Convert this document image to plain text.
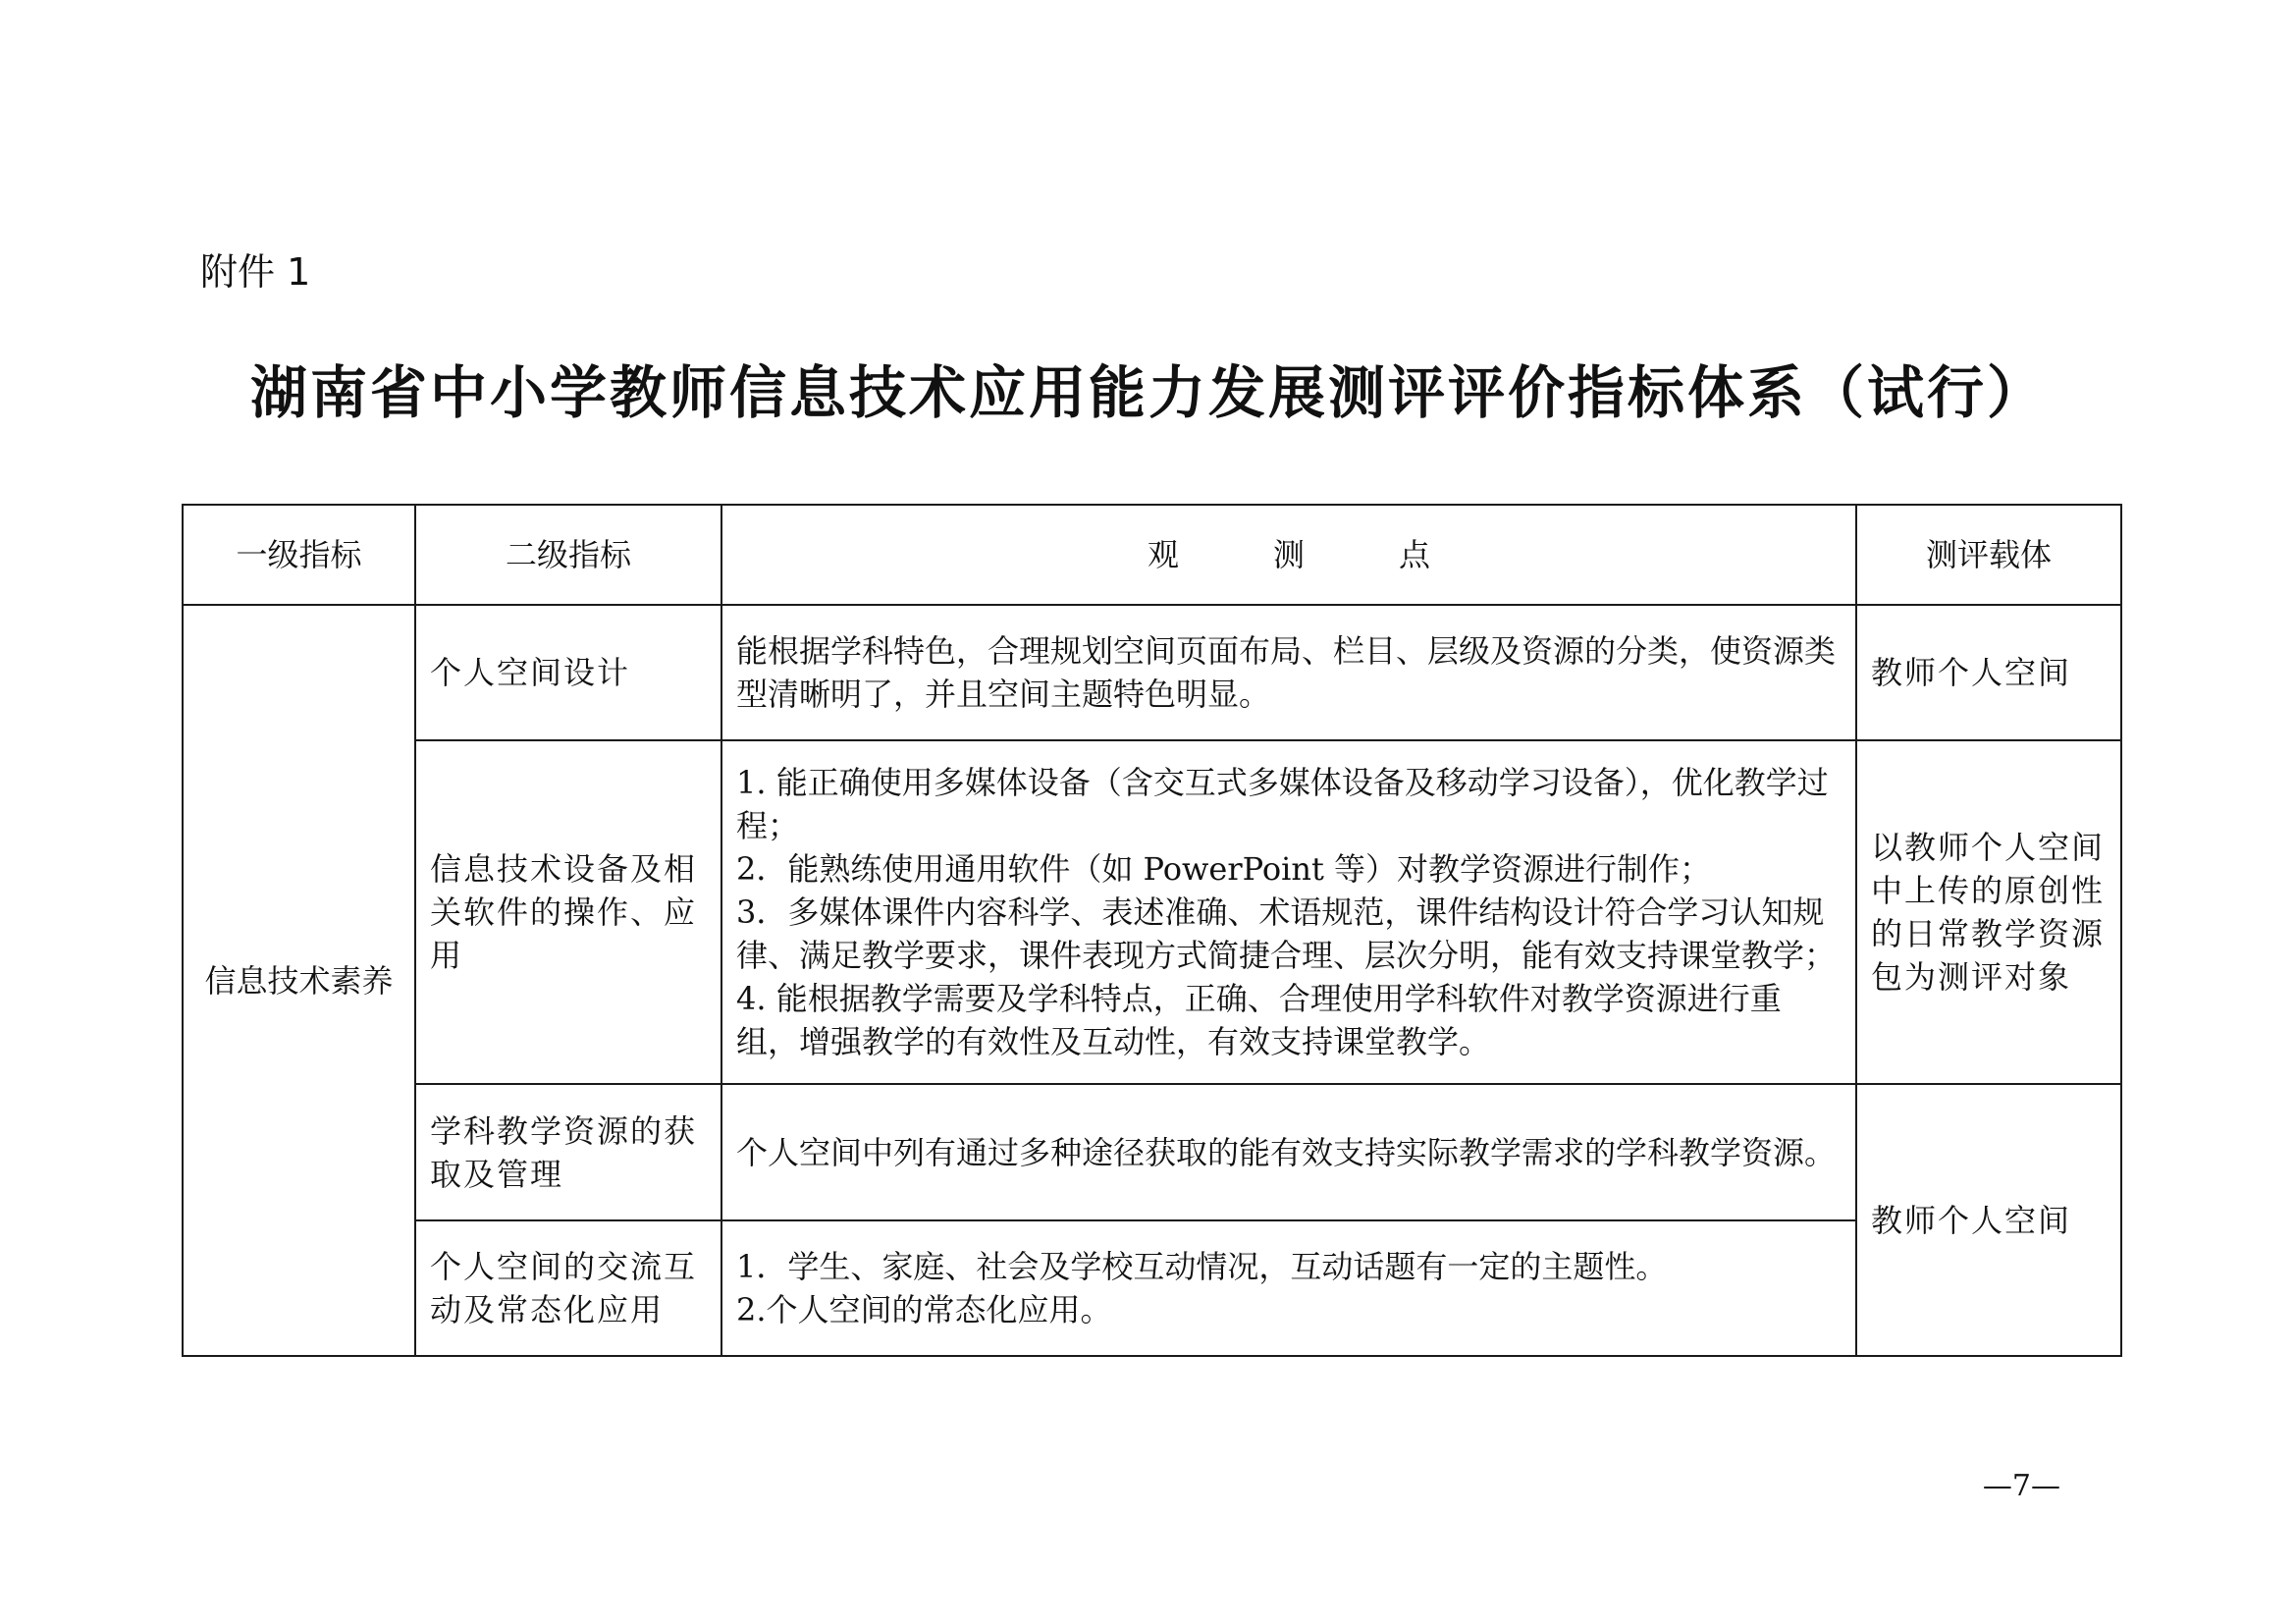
附件 1

湖南省中小学教师信息技术应用能力发展测评评价指标体系（试行）
一级指标	二级指标	观　　　测　　　点	测评载体
信息技术素养	个人空间设计	能根据学科特色，合理规划空间页面布局、栏目、层级及资源的分类，使资源类型清晰明了，并且空间主题特色明显。	教师个人空间
	信息技术设备及相关软件的操作、应用	1. 能正确使用多媒体设备（含交互式多媒体设备及移动学习设备），优化教学过程；
2．能熟练使用通用软件（如 PowerPoint 等）对教学资源进行制作；
3．多媒体课件内容科学、表述准确、术语规范，课件结构设计符合学习认知规律、满足教学要求，课件表现方式简捷合理、层次分明，能有效支持课堂教学；
4. 能根据教学需要及学科特点，正确、合理使用学科软件对教学资源进行重组，增强教学的有效性及互动性，有效支持课堂教学。	以教师个人空间中上传的原创性的日常教学资源包为测评对象
	学科教学资源的获取及管理	个人空间中列有通过多种途径获取的能有效支持实际教学需求的学科教学资源。	教师个人空间
	个人空间的交流互动及常态化应用	1．学生、家庭、社会及学校互动情况，互动话题有一定的主题性。
2.个人空间的常态化应用。	
—7—
